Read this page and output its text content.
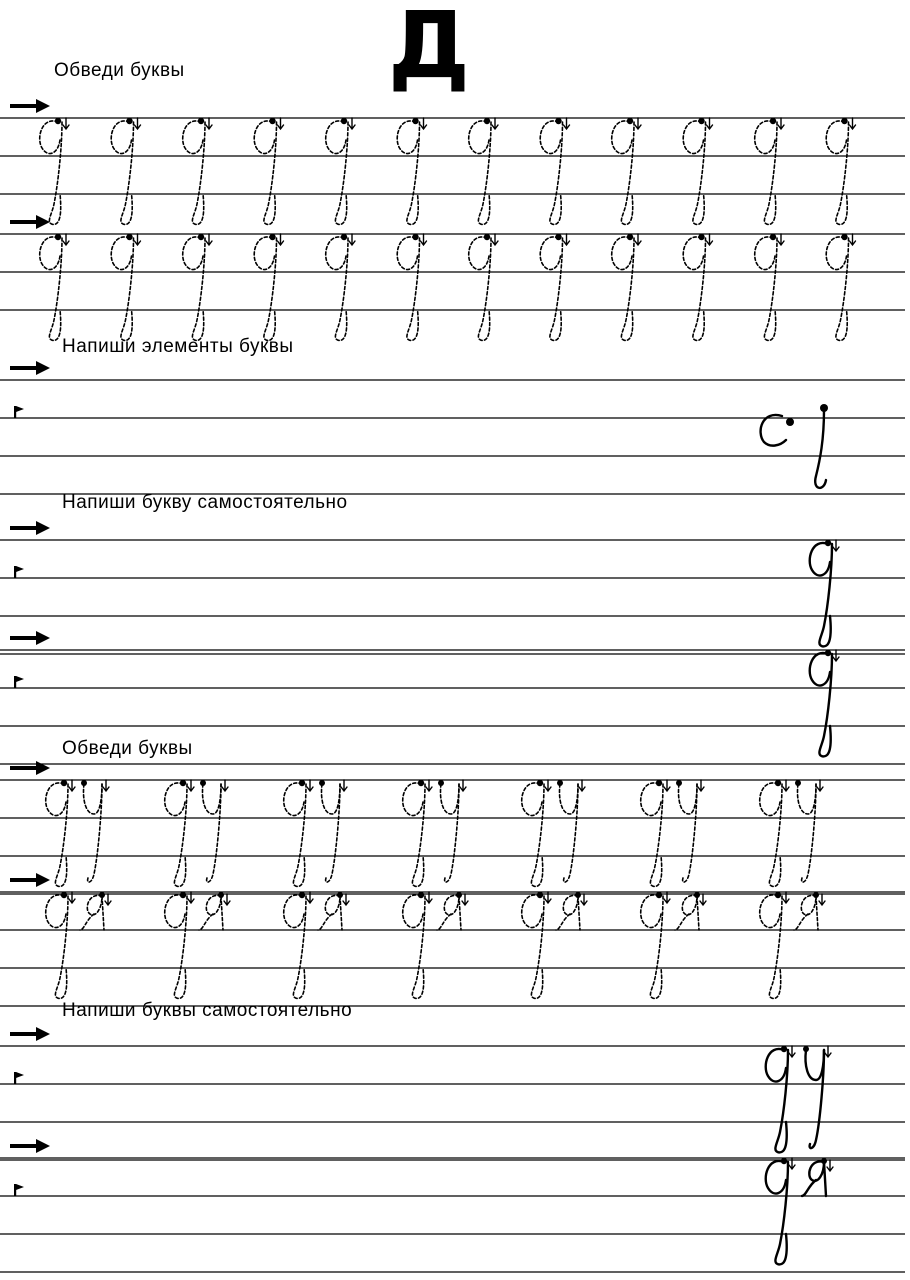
Д
Обведи буквы
Напиши элементы буквы
Напиши букву самостоятельно
Обведи буквы
Напиши буквы самостоятельно
